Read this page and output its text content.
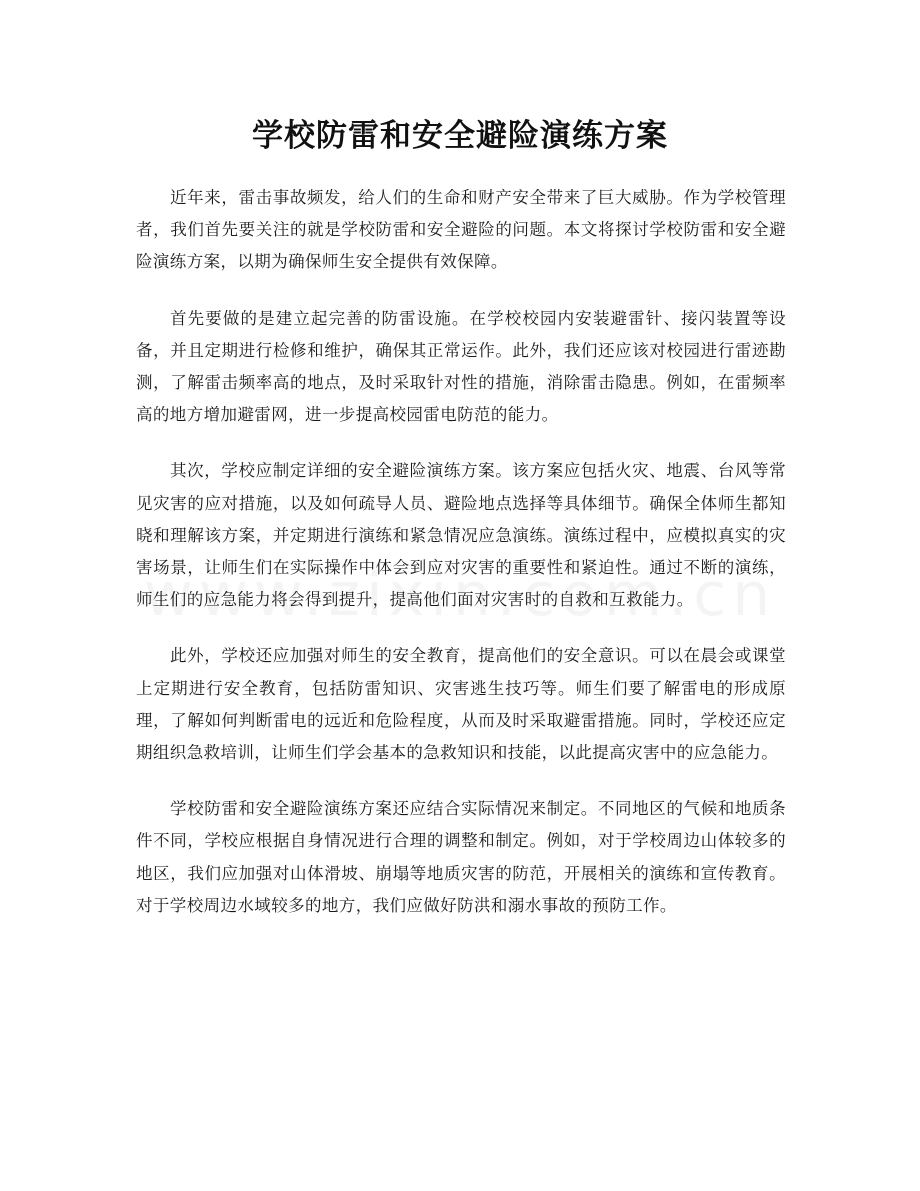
学校防雷和安全避险演练方案

近年来，雷击事故频发，给人们的生命和财产安全带来了巨大威胁。作为学校管理者，我们首先要关注的就是学校防雷和安全避险的问题。本文将探讨学校防雷和安全避险演练方案，以期为确保师生安全提供有效保障。

首先要做的是建立起完善的防雷设施。在学校校园内安装避雷针、接闪装置等设备，并且定期进行检修和维护，确保其正常运作。此外，我们还应该对校园进行雷迹勘测，了解雷击频率高的地点，及时采取针对性的措施，消除雷击隐患。例如，在雷频率高的地方增加避雷网，进一步提高校园雷电防范的能力。

其次，学校应制定详细的安全避险演练方案。该方案应包括火灾、地震、台风等常见灾害的应对措施，以及如何疏导人员、避险地点选择等具体细节。确保全体师生都知晓和理解该方案，并定期进行演练和紧急情况应急演练。演练过程中，应模拟真实的灾害场景，让师生们在实际操作中体会到应对灾害的重要性和紧迫性。通过不断的演练，师生们的应急能力将会得到提升，提高他们面对灾害时的自救和互救能力。

此外，学校还应加强对师生的安全教育，提高他们的安全意识。可以在晨会或课堂上定期进行安全教育，包括防雷知识、灾害逃生技巧等。师生们要了解雷电的形成原理，了解如何判断雷电的远近和危险程度，从而及时采取避雷措施。同时，学校还应定期组织急救培训，让师生们学会基本的急救知识和技能，以此提高灾害中的应急能力。

学校防雷和安全避险演练方案还应结合实际情况来制定。不同地区的气候和地质条件不同，学校应根据自身情况进行合理的调整和制定。例如，对于学校周边山体较多的地区，我们应加强对山体滑坡、崩塌等地质灾害的防范，开展相关的演练和宣传教育。对于学校周边水域较多的地方，我们应做好防洪和溺水事故的预防工作。
